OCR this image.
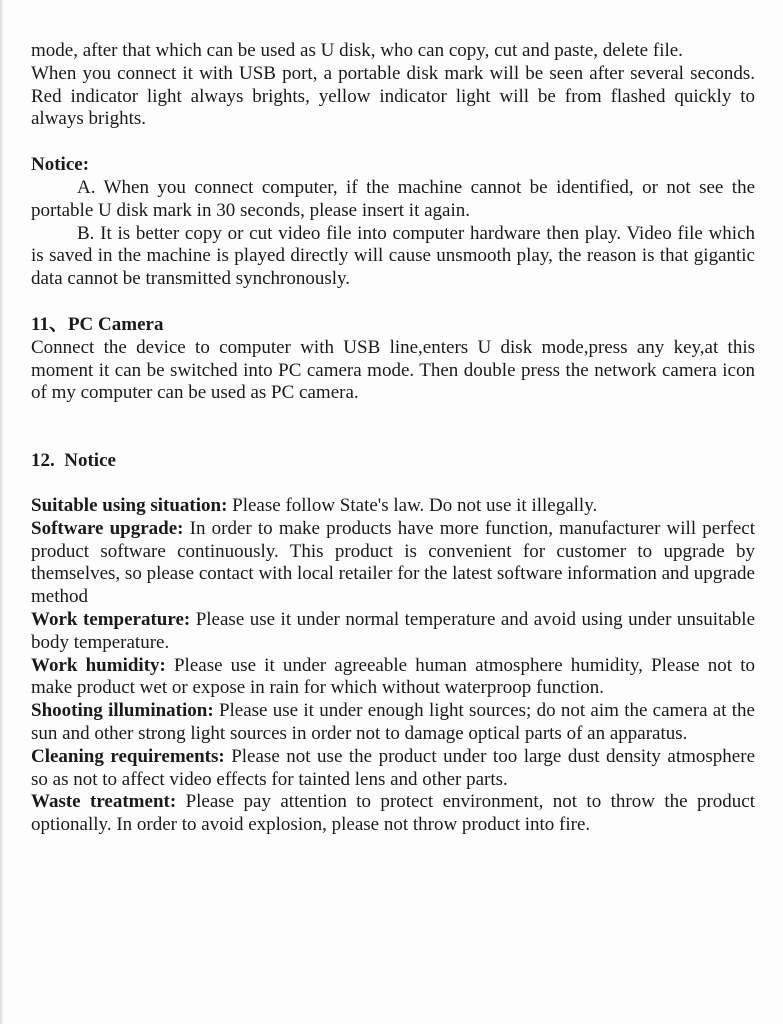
mode, after that which can be used as U disk, who can copy, cut and paste, delete file.

When you connect it with USB port, a portable disk mark will be seen after several seconds. Red indicator light always brights, yellow indicator light will be from flashed quickly to always brights.

Notice:

A. When you connect computer, if the machine cannot be identified, or not see the portable U disk mark in 30 seconds, please insert it again.

B. It is better copy or cut video file into computer hardware then play. Video file which is saved in the machine is played directly will cause unsmooth play, the reason is that gigantic data cannot be transmitted synchronously.

11、PC Camera

Connect the device to computer with USB line,enters U disk mode,press any key,at this moment it can be switched into PC camera mode. Then double press the network camera icon of my computer can be used as PC camera.

12.  Notice

Suitable using situation: Please follow State's law. Do not use it illegally.

Software upgrade: In order to make products have more function, manufacturer will perfect product software continuously. This product is convenient for customer to upgrade by themselves, so please contact with local retailer for the latest software information and upgrade method

Work temperature: Please use it under normal temperature and avoid using under unsuitable body temperature.

Work humidity: Please use it under agreeable human atmosphere humidity, Please not to make product wet or expose in rain for which without waterproop function.

Shooting illumination: Please use it under enough light sources; do not aim the camera at the sun and other strong light sources in order not to damage optical parts of an apparatus.

Cleaning requirements: Please not use the product under too large dust density atmosphere so as not to affect video effects for tainted lens and other parts.

Waste treatment: Please pay attention to protect environment, not to throw the product optionally. In order to avoid explosion, please not throw product into fire.
